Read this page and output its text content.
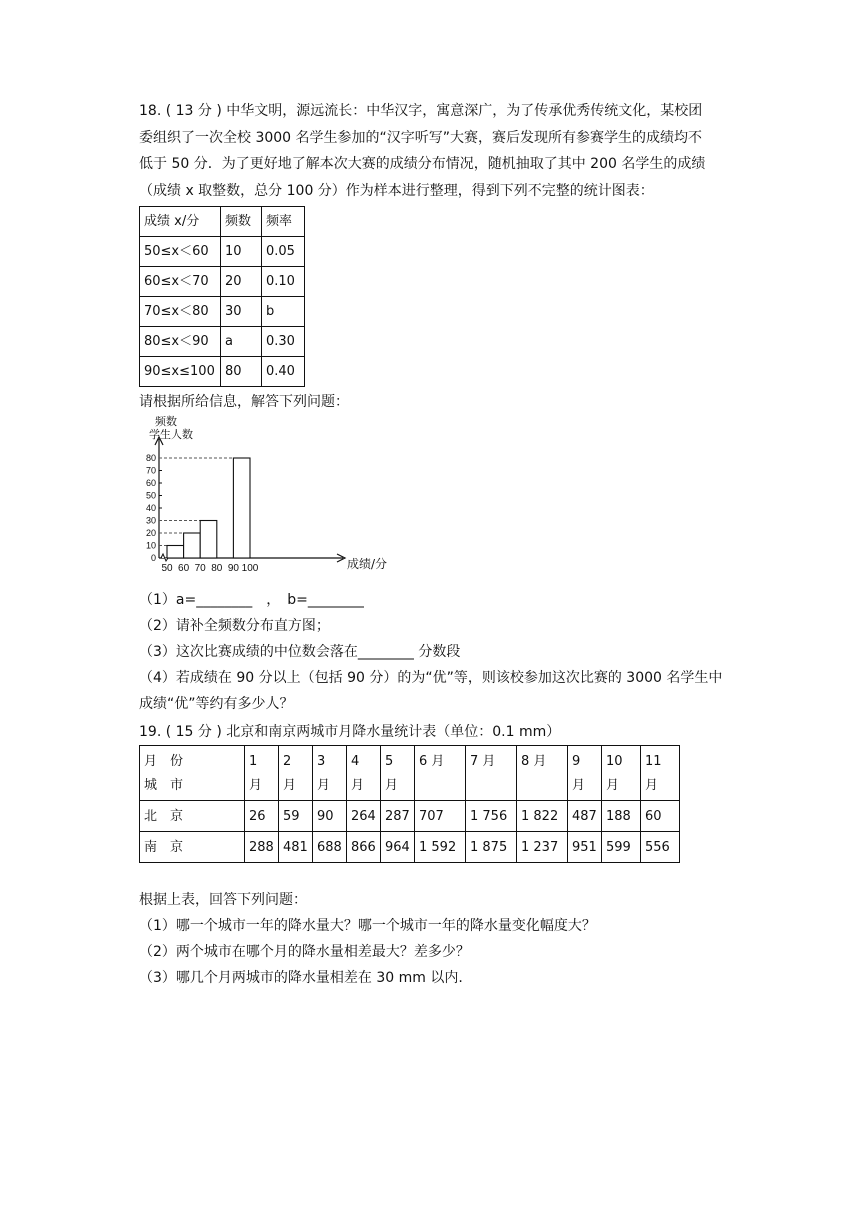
18. ( 13 分 ) 中华文明，源远流长：中华汉字，寓意深广，为了传承优秀传统文化，某校团

委组织了一次全校 3000 名学生参加的“汉字听写”大赛，赛后发现所有参赛学生的成绩均不

低于 50 分．为了更好地了解本次大赛的成绩分布情况，随机抽取了其中 200 名学生的成绩

（成绩 x 取整数，总分 100 分）作为样本进行整理，得到下列不完整的统计图表：

成绩 x/分	频数	频率
50≤x＜60	10	0.05
60≤x＜70	20	0.10
70≤x＜80	30	b
80≤x＜90	a	0.30
90≤x≤100	80	0.40

请根据所给信息，解答下列问题：

0
10
20
30
40
50
60
70
80
50 60 70 80 90 100
频数
学生人数
成绩/分

（1）a=________　，　b=________

（2）请补全频数分布直方图；

（3）这次比赛成绩的中位数会落在________ 分数段

（4）若成绩在 90 分以上（包括 90 分）的为“优”等，则该校参加这次比赛的 3000 名学生中

成绩“优”等约有多少人？

19. ( 15 分 ) 北京和南京两城市月降水量统计表（单位：0.1 mm）

月　份
城　市	1 月	2 月	3 月	4 月	5 月	6 月	7 月	8 月	9 月	10 月	11 月
北　京	26	59	90	264	287	707	1 756	1 822	487	188	60
南　京	288	481	688	866	964	1 592	1 875	1 237	951	599	556

根据上表，回答下列问题：

（1）哪一个城市一年的降水量大？哪一个城市一年的降水量变化幅度大？

（2）两个城市在哪个月的降水量相差最大？差多少？

（3）哪几个月两城市的降水量相差在 30 mm 以内.
